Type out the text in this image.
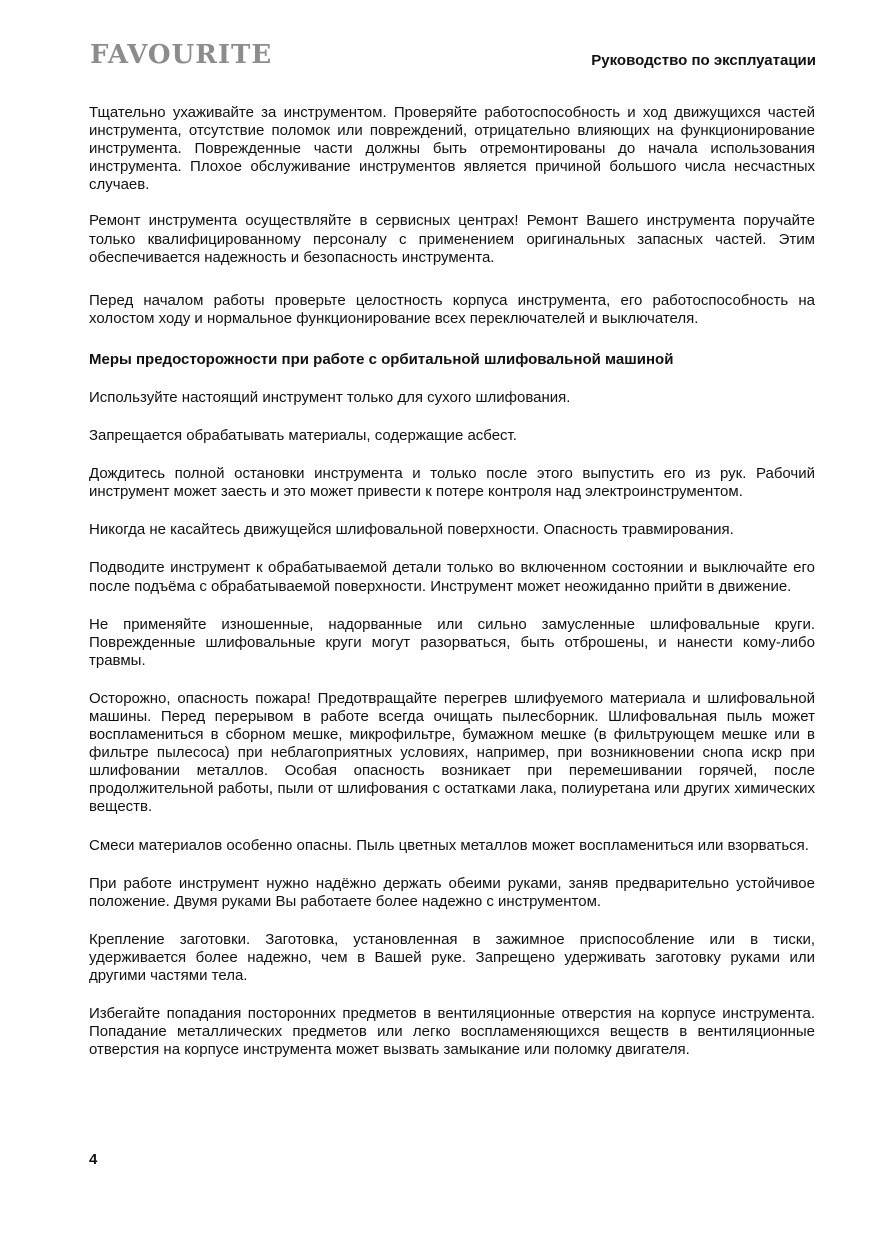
FAVOURITE	Руководство по эксплуатации

Тщательно ухаживайте за инструментом. Проверяйте работоспособность и ход движущихся частей инструмента, отсутствие поломок или повреждений, отрицательно влияющих на функционирование инструмента. Поврежденные части должны быть отремонтированы до начала использования инструмента. Плохое обслуживание инструментов является причиной большого числа несчастных случаев.

Ремонт инструмента осуществляйте в сервисных центрах! Ремонт Вашего инструмента поручайте только квалифицированному персоналу с применением оригинальных запасных частей. Этим обеспечивается надежность и безопасность инструмента.

Перед началом работы проверьте целостность корпуса инструмента, его работоспособность на холостом ходу и нормальное функционирование всех переключателей и выключателя.

Меры предосторожности при работе с орбитальной шлифовальной машиной

Используйте настоящий инструмент только для сухого шлифования.

Запрещается обрабатывать материалы, содержащие асбест.

Дождитесь полной остановки инструмента и только после этого выпустить его из рук. Рабочий инструмент может заесть и это может привести к потере контроля над электроинструментом.

Никогда не касайтесь движущейся шлифовальной поверхности. Опасность травмирования.

Подводите инструмент к обрабатываемой детали только во включенном состоянии и выключайте его после подъёма с обрабатываемой поверхности. Инструмент может неожиданно прийти в движение.

Не применяйте изношенные, надорванные или сильно замусленные шлифовальные круги. Поврежденные шлифовальные круги могут разорваться, быть отброшены, и нанести кому-либо травмы.

Осторожно, опасность пожара! Предотвращайте перегрев шлифуемого материала и шлифовальной машины. Перед перерывом в работе всегда очищать пылесборник. Шлифовальная пыль может воспламениться в сборном мешке, микрофильтре, бумажном мешке (в фильтрующем мешке или в фильтре пылесоса) при неблагоприятных условиях, например, при возникновении снопа искр при шлифовании металлов. Особая опасность возникает при перемешивании горячей, после продолжительной работы, пыли от шлифования с остатками лака, полиуретана или других химических веществ.

Смеси материалов особенно опасны. Пыль цветных металлов может воспламениться или взорваться.

При работе инструмент нужно надёжно держать обеими руками, заняв предварительно устойчивое положение. Двумя руками Вы работаете более надежно с инструментом.

Крепление заготовки. Заготовка, установленная в зажимное приспособление или в тиски, удерживается более надежно, чем в Вашей руке. Запрещено удерживать заготовку руками или другими частями тела.

Избегайте попадания посторонних предметов в вентиляционные отверстия на корпусе инструмента. Попадание металлических предметов или легко воспламеняющихся веществ в вентиляционные отверстия на корпусе инструмента может вызвать замыкание или поломку двигателя.

4
